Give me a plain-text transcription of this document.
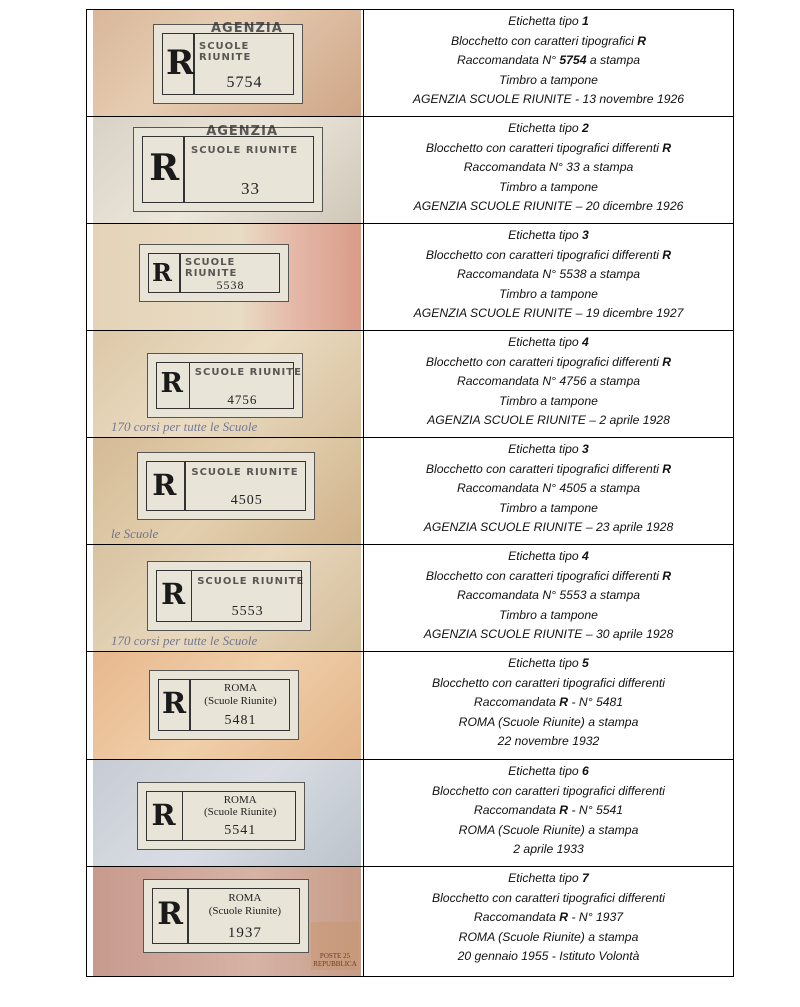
R	5754
SCUOLE RIUNITE
AGENZIA	Etichetta tipo 1
Blocchetto con caratteri tipografici R
Raccomandata N° 5754 a stampa
Timbro a tampone
AGENZIA SCUOLE RIUNITE - 13 novembre 1926
R	33
SCUOLE RIUNITE
AGENZIA	Etichetta tipo 2
Blocchetto con caratteri tipografici differenti R
Raccomandata N° 33 a stampa
Timbro a tampone
AGENZIA SCUOLE RIUNITE – 20 dicembre 1926
R	5538
SCUOLE RIUNITE
Etichetta tipo 3
Blocchetto con caratteri tipografici differenti R
Raccomandata N° 5538 a stampa
Timbro a tampone
AGENZIA SCUOLE RIUNITE – 19 dicembre 1927
R
4756
SCUOLE RIUNITE
170 corsi per tutte le Scuole
Etichetta tipo 4
Blocchetto con caratteri tipografici differenti R
Raccomandata N° 4756 a stampa
Timbro a tampone
AGENZIA SCUOLE RIUNITE – 2 aprile 1928
R	4505
SCUOLE RIUNITE
le Scuole
Etichetta tipo 3
Blocchetto con caratteri tipografici differenti R
Raccomandata N° 4505 a stampa
Timbro a tampone
AGENZIA SCUOLE RIUNITE – 23 aprile 1928
R
5553
SCUOLE RIUNITE
170 corsi per tutte le Scuole
Etichetta tipo 4
Blocchetto con caratteri tipografici differenti R
Raccomandata N° 5553 a stampa
Timbro a tampone
AGENZIA SCUOLE RIUNITE – 30 aprile 1928
R
5481
ROMA
(Scuole Riunite)
Etichetta tipo 5
Blocchetto con caratteri tipografici differenti
Raccomandata R - N° 5481
ROMA (Scuole Riunite) a stampa
22 novembre 1932
R	5541
ROMA
(Scuole Riunite)
Etichetta tipo 6
Blocchetto con caratteri tipografici differenti
Raccomandata R - N° 5541
ROMA (Scuole Riunite) a stampa
2 aprile 1933
R
1937
ROMA
(Scuole Riunite)
POSTE 25 REPUBBLICA
Etichetta tipo 7
Blocchetto con caratteri tipografici differenti
Raccomandata R - N° 1937
ROMA (Scuole Riunite) a stampa
20 gennaio 1955 - Istituto Volontà
